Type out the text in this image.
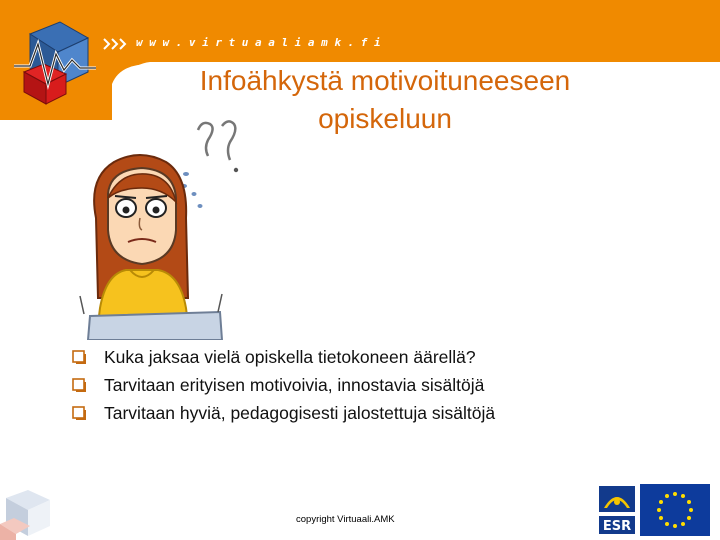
www.virtuaaliamk.fi
Infoähkystä motivoituneeseen
opiskeluun
Kuka jaksaa vielä opiskella tietokoneen äärellä?
Tarvitaan erityisen motivoivia, innostavia sisältöjä
Tarvitaan hyviä, pedagogisesti jalostettuja sisältöjä
copyright Virtuaali.AMK	ESR
